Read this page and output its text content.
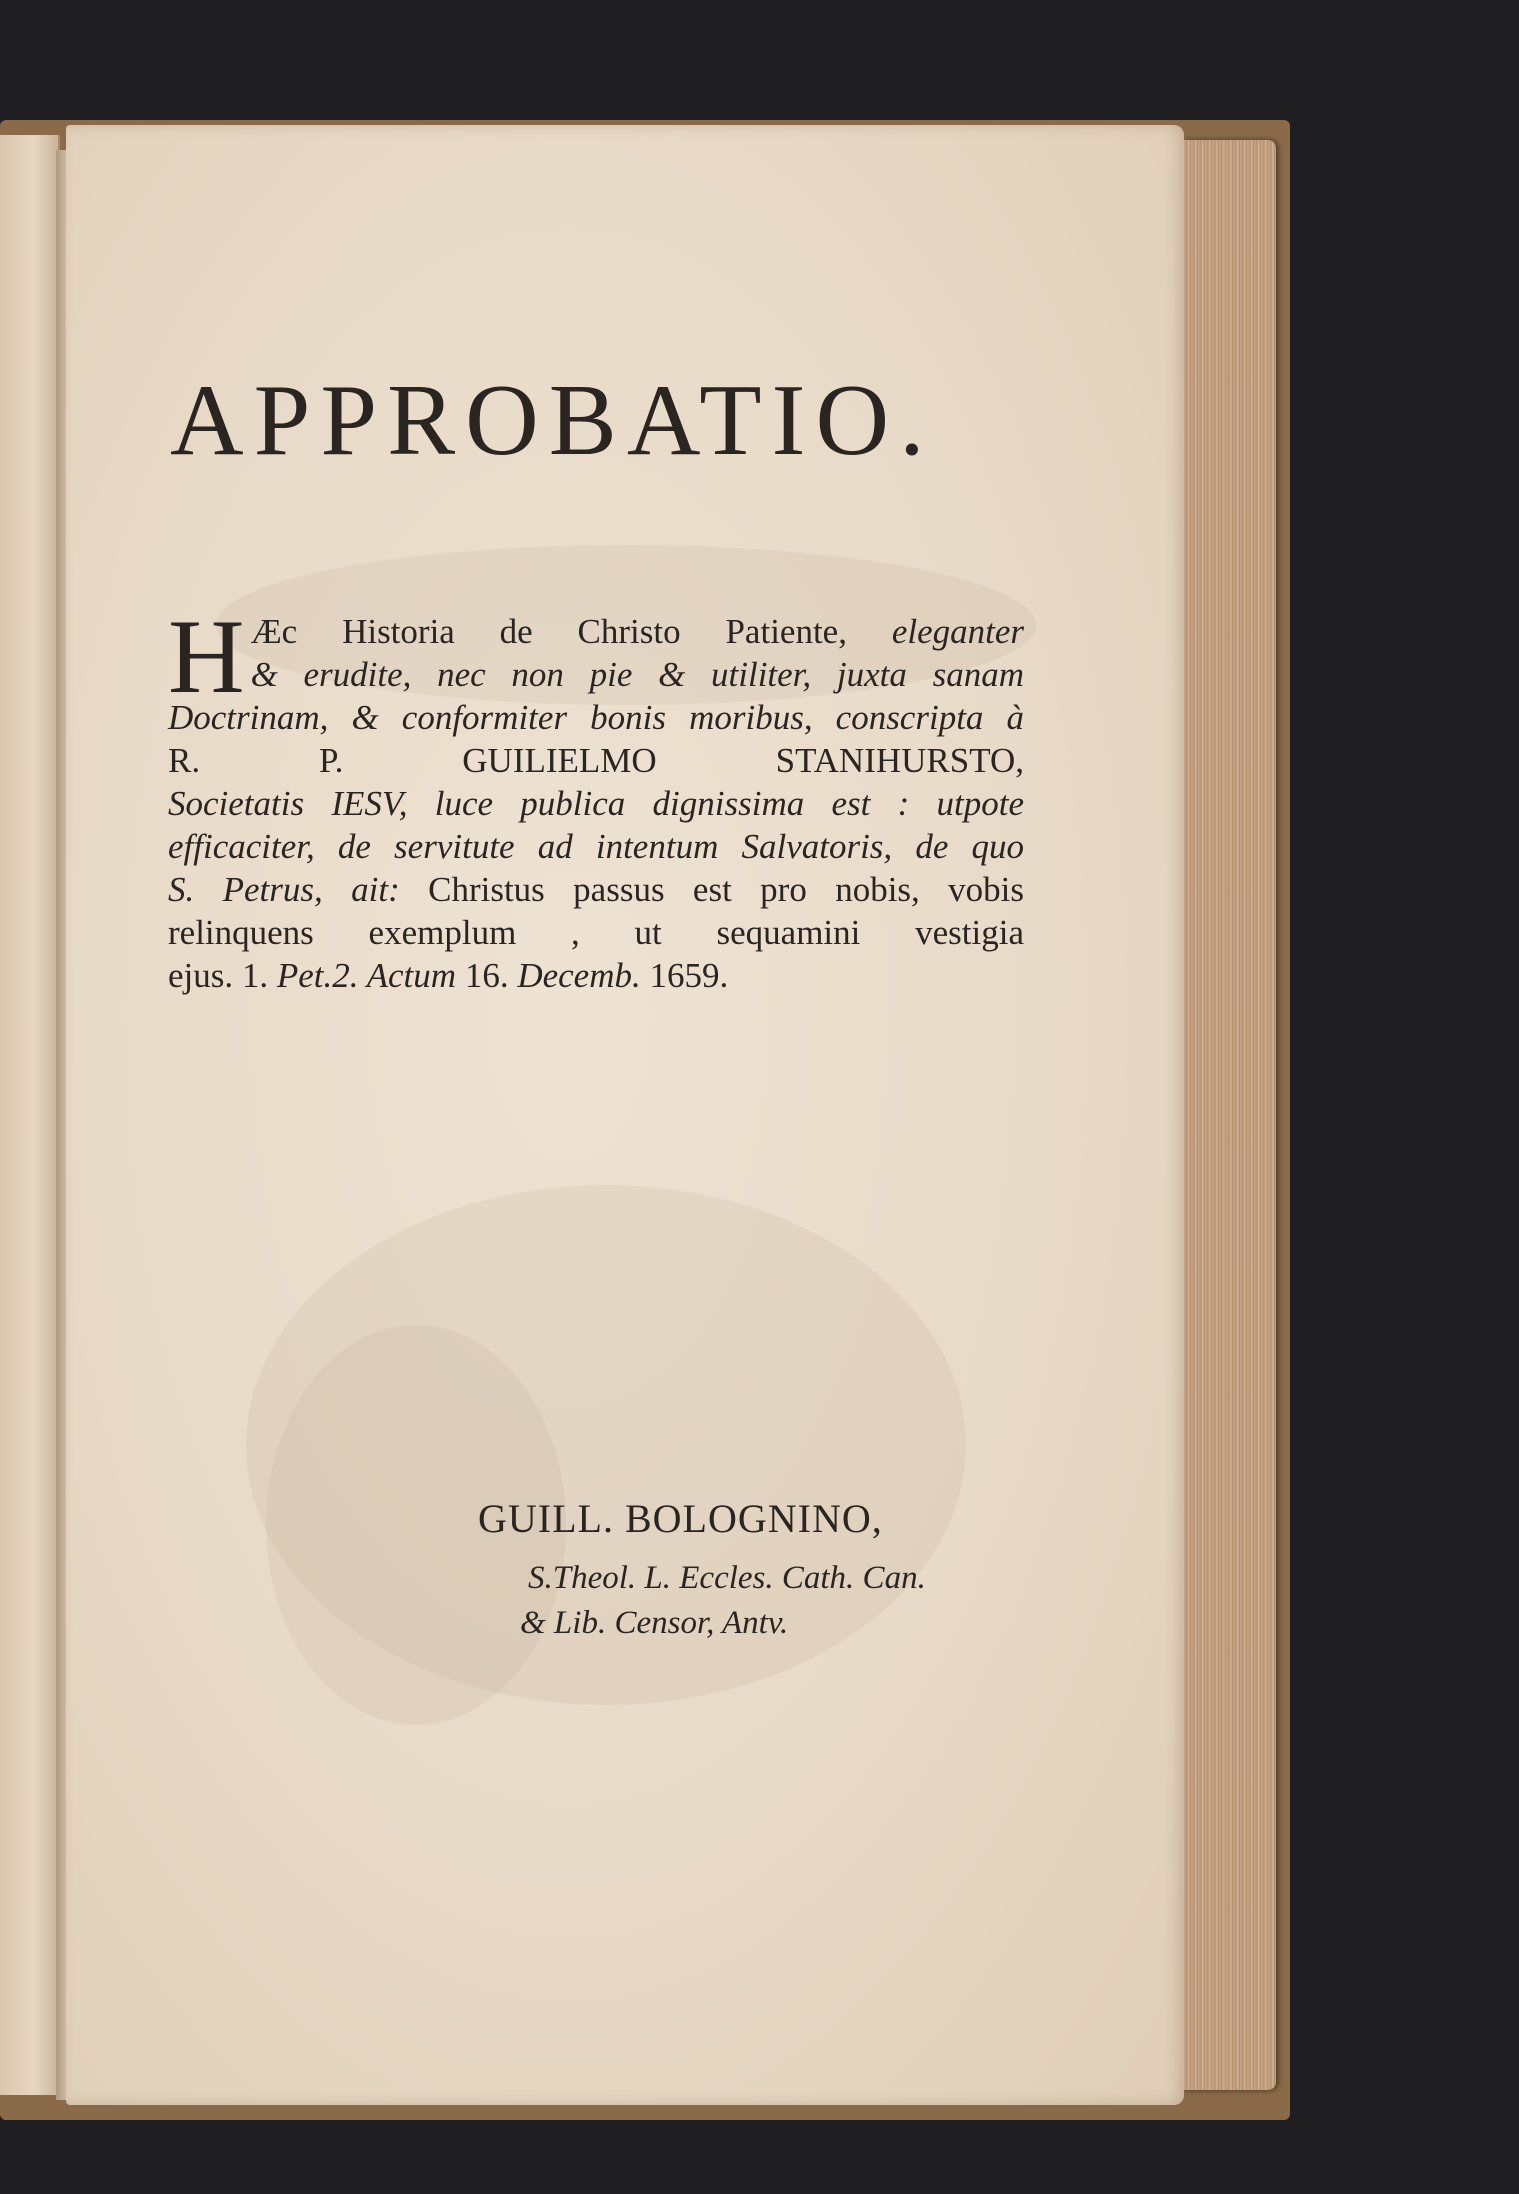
APPROBATIO.
H Æc Historia de Christo Patiente, eleganter
& erudite, nec non pie & utiliter, juxta sanam
Doctrinam, & conformiter bonis moribus, conscripta à
R. P. GUILIELMO STANIHURSTO,
Societatis IESV, luce publica dignissima est : utpote
efficaciter, de servitute ad intentum Salvatoris, de quo
S. Petrus, ait: Christus passus est pro nobis, vobis
relinquens exemplum , ut sequamini vestigia
ejus. 1. Pet.2. Actum 16. Decemb. 1659.
GUILL. BOLOGNINO,
S.Theol. L. Eccles. Cath. Can.
& Lib. Censor, Antv.
